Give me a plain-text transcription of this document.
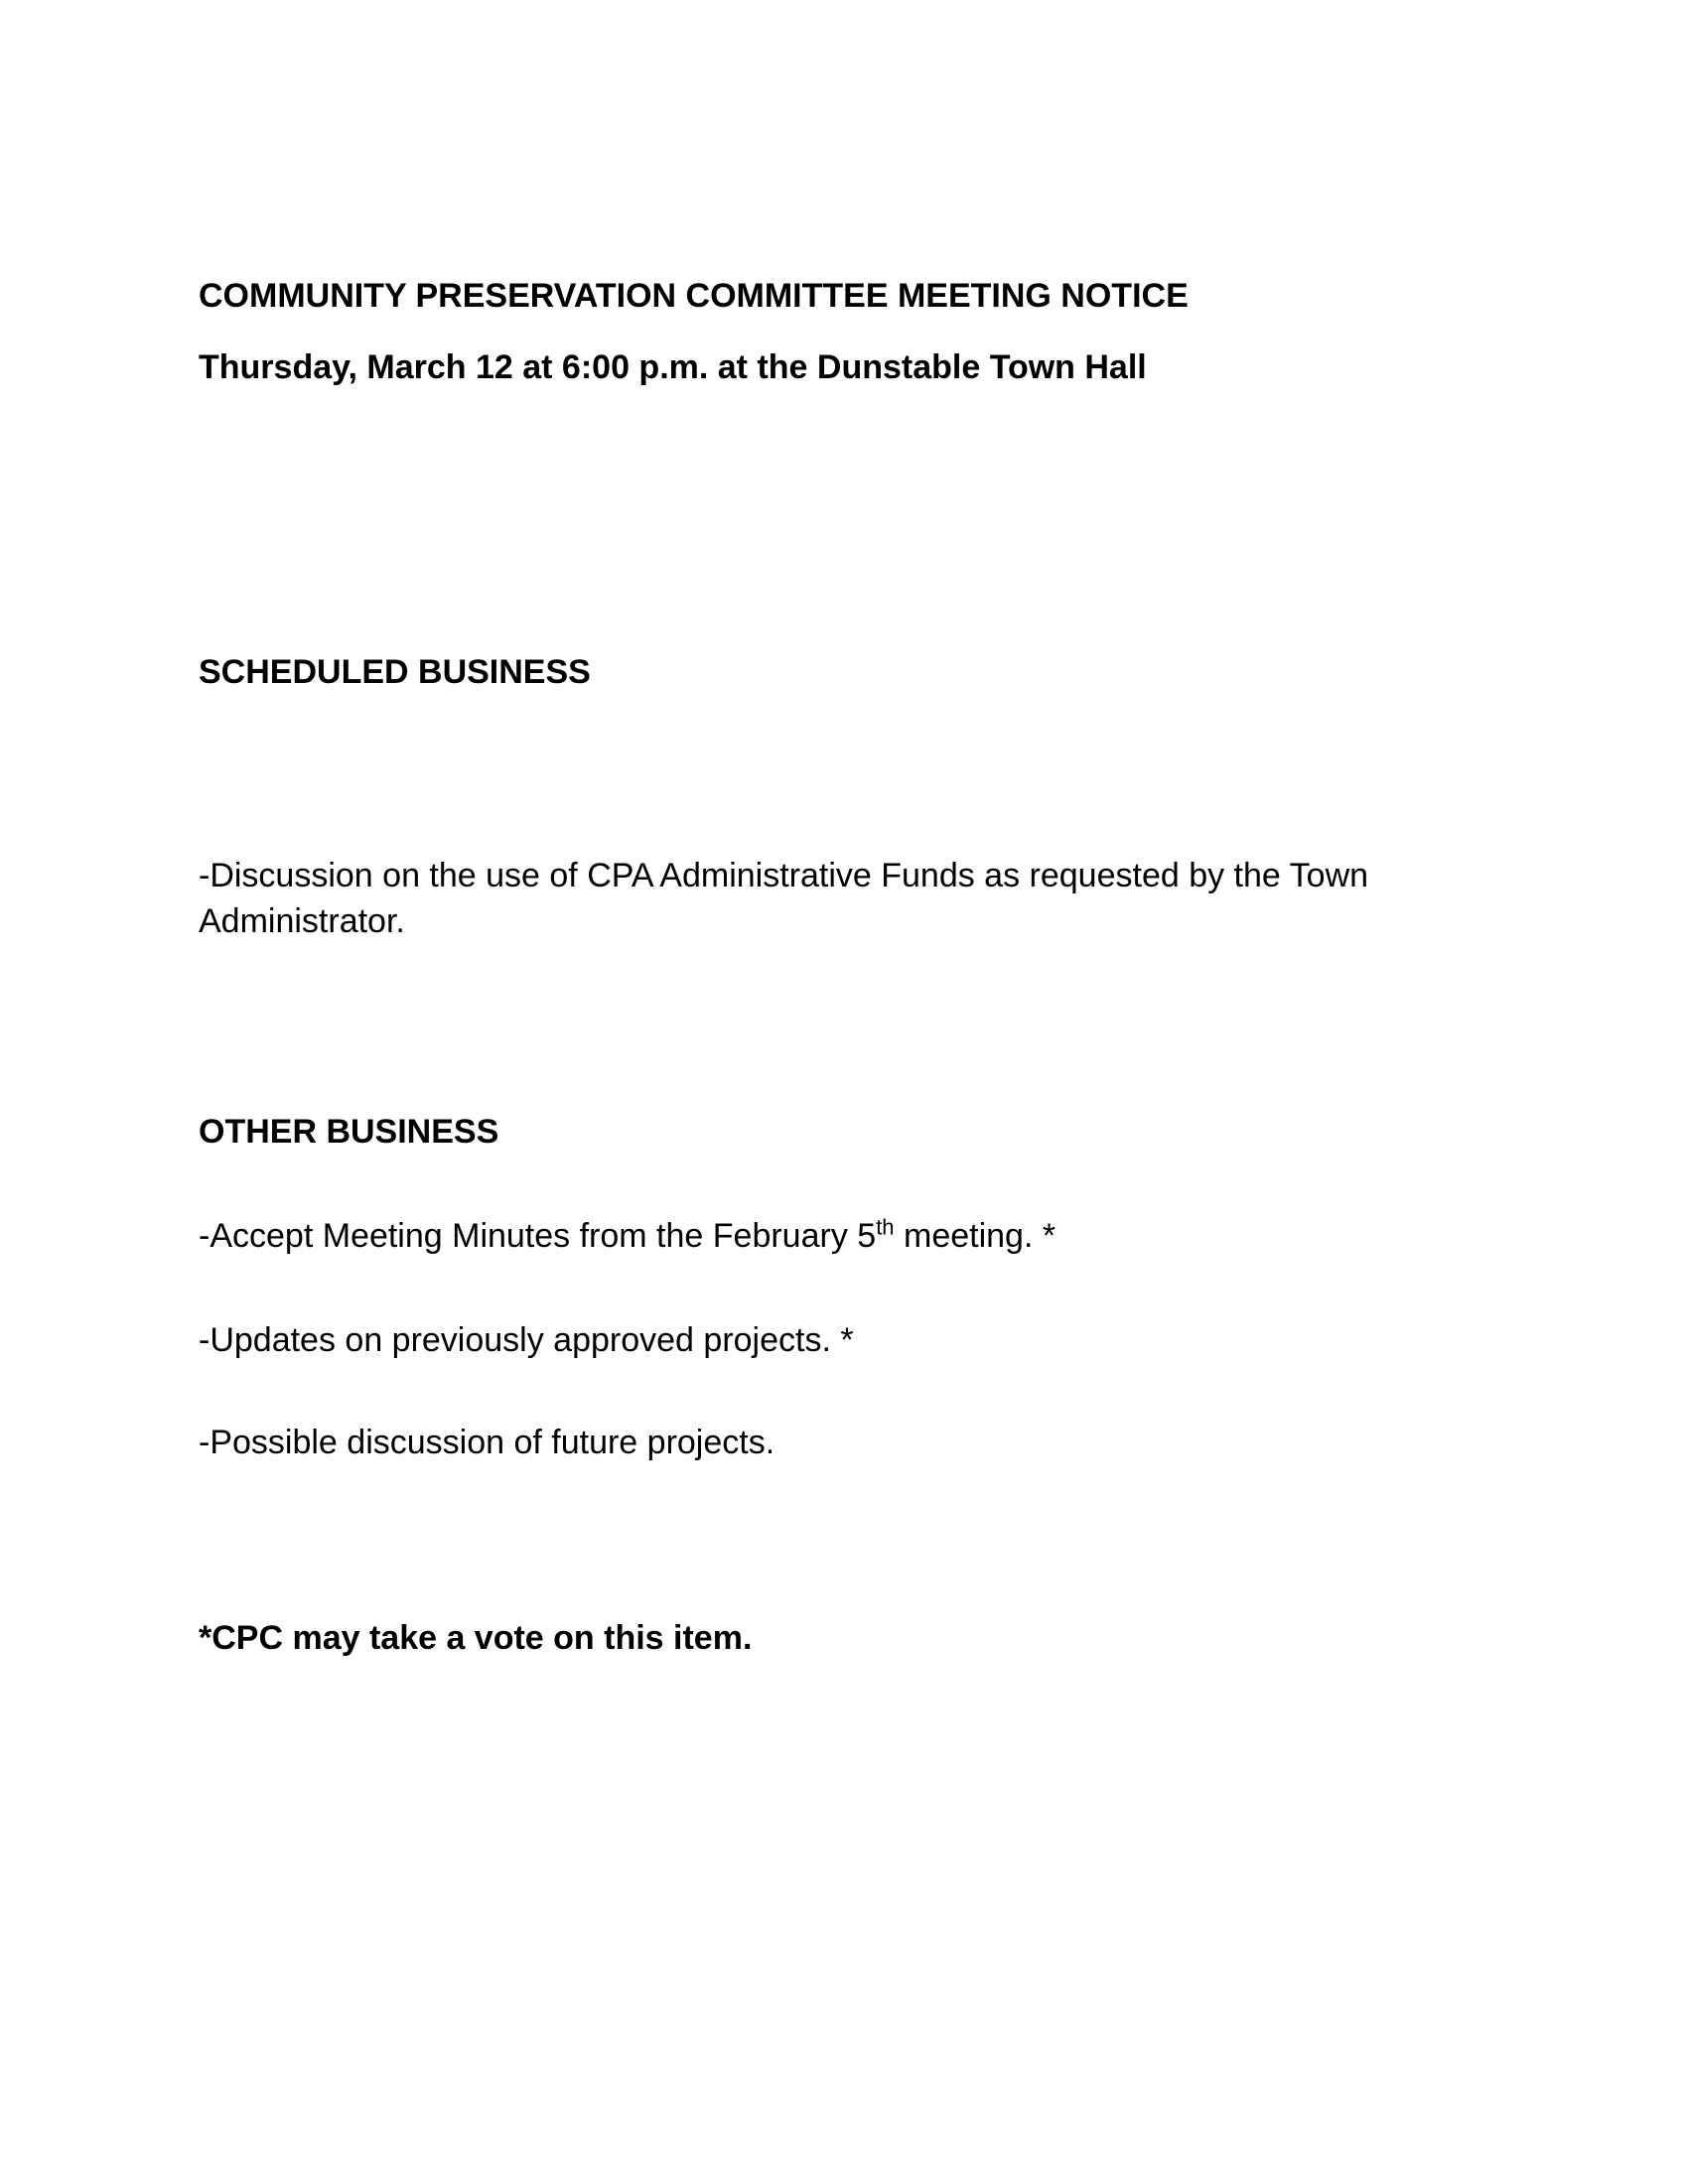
COMMUNITY PRESERVATION COMMITTEE MEETING NOTICE
Thursday, March 12 at 6:00 p.m. at the Dunstable Town Hall
SCHEDULED BUSINESS
-Discussion on the use of CPA Administrative Funds as requested by the Town
Administrator.
OTHER BUSINESS
-Accept Meeting Minutes from the February 5th meeting. *
-Updates on previously approved projects. *
-Possible discussion of future projects.
*CPC may take a vote on this item.
